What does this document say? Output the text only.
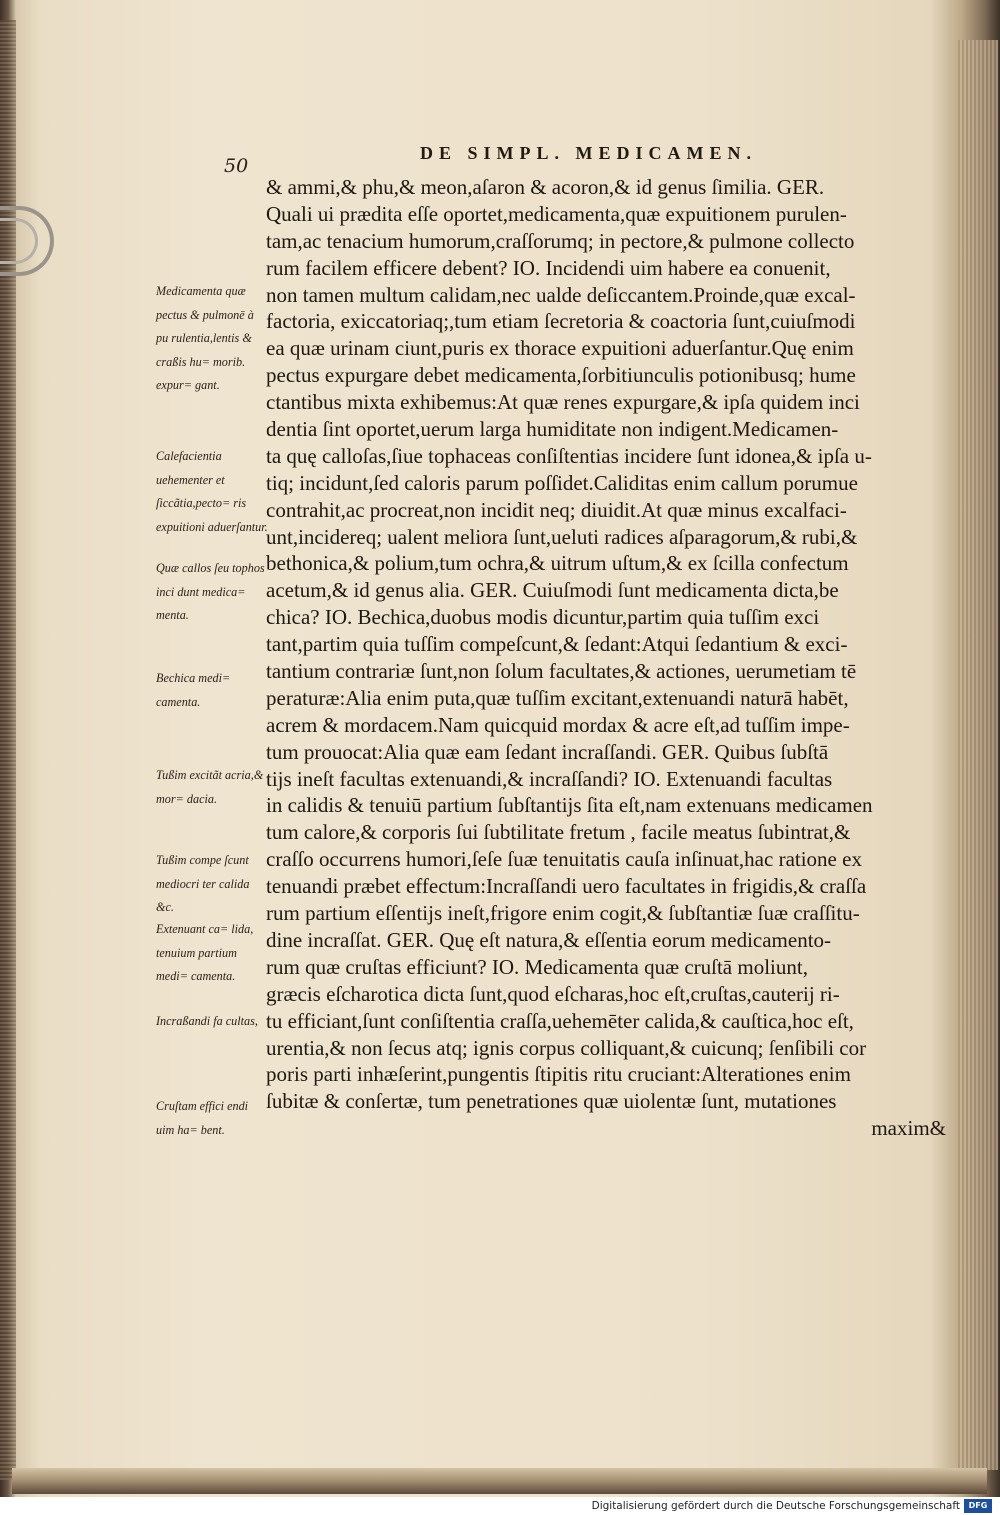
50
DE SIMPL. MEDICAMEN.
Medicamenta quæ pectus & pulmonē à pu rulentia,lentis & craßis hu= morib. expur= gant.
Calefacientia uehementer et ſiccãtia,pecto= ris expuitioni aduerſantur.
Quæ callos ſeu tophos inci dunt medica= menta.
Bechica medi= camenta.
Tußim excitãt acria,& mor= dacia.
Tußim compe ſcunt mediocri ter calida &c.
Extenuant ca= lida, tenuium partium medi= camenta.
Incraßandi fa cultas,
Cruſtam effici endi uim ha= bent.
& ammi,& phu,& meon,aſaron & acoron,& id genus ſimilia. GER.
Quali ui prædita eſſe oportet,medicamenta,quæ expuitionem purulen-
tam,ac tenacium humorum,craſſorumq; in pectore,& pulmone collecto
rum facilem efficere debent? IO. Incidendi uim habere ea conuenit,
non tamen multum calidam,nec ualde deſiccantem.Proinde,quæ excal-
factoria, exiccatoriaq;,tum etiam ſecretoria & coactoria ſunt,cuiuſmodi
ea quæ urinam ciunt,puris ex thorace expuitioni aduerſantur.Quę enim
pectus expurgare debet medicamenta,ſorbitiunculis potionibusq; hume
ctantibus mixta exhibemus:At quæ renes expurgare,& ipſa quidem inci
dentia ſint oportet,uerum larga humiditate non indigent.Medicamen-
ta quę calloſas,ſiue tophaceas conſiſtentias incidere ſunt idonea,& ipſa u-
tiq; incidunt,ſed caloris parum poſſidet.Caliditas enim callum porumue
contrahit,ac procreat,non incidit neq; diuidit.At quæ minus excalfaci-
unt,incidereq; ualent meliora ſunt,ueluti radices aſparagorum,& rubi,&
bethonica,& polium,tum ochra,& uitrum uſtum,& ex ſcilla confectum
acetum,& id genus alia. GER. Cuiuſmodi ſunt medicamenta dicta,be
chica? IO. Bechica,duobus modis dicuntur,partim quia tuſſim exci
tant,partim quia tuſſim compeſcunt,& ſedant:Atqui ſedantium & exci-
tantium contrariæ ſunt,non ſolum facultates,& actiones, uerumetiam tē
peraturæ:Alia enim puta,quæ tuſſim excitant,extenuandi naturā habēt,
acrem & mordacem.Nam quicquid mordax & acre eſt,ad tuſſim impe-
tum prouocat:Alia quæ eam ſedant incraſſandi. GER. Quibus ſubſtā
tijs ineſt facultas extenuandi,& incraſſandi? IO. Extenuandi facultas
in calidis & tenuiū partium ſubſtantijs ſita eſt,nam extenuans medicamen
tum calore,& corporis ſui ſubtilitate fretum , facile meatus ſubintrat,&
craſſo occurrens humori,ſeſe ſuæ tenuitatis cauſa inſinuat,hac ratione ex
tenuandi præbet effectum:Incraſſandi uero facultates in frigidis,& craſſa
rum partium eſſentijs ineſt,frigore enim cogit,& ſubſtantiæ ſuæ craſſitu-
dine incraſſat. GER. Quę eſt natura,& eſſentia eorum medicamento-
rum quæ cruſtas efficiunt? IO. Medicamenta quæ cruſtā moliunt,
græcis eſcharotica dicta ſunt,quod eſcharas,hoc eſt,cruſtas,cauterij ri-
tu efficiant,ſunt conſiſtentia craſſa,uehemēter calida,& cauſtica,hoc eſt,
urentia,& non ſecus atq; ignis corpus colliquant,& cuicunq; ſenſibili cor
poris parti inhæſerint,pungentis ſtipitis ritu cruciant:Alterationes enim
ſubitæ & conſertæ, tum penetrationes quæ uiolentæ ſunt, mutationes
maxim&
Digitalisierung gefördert durch die Deutsche Forschungsgemeinschaft	DFG
